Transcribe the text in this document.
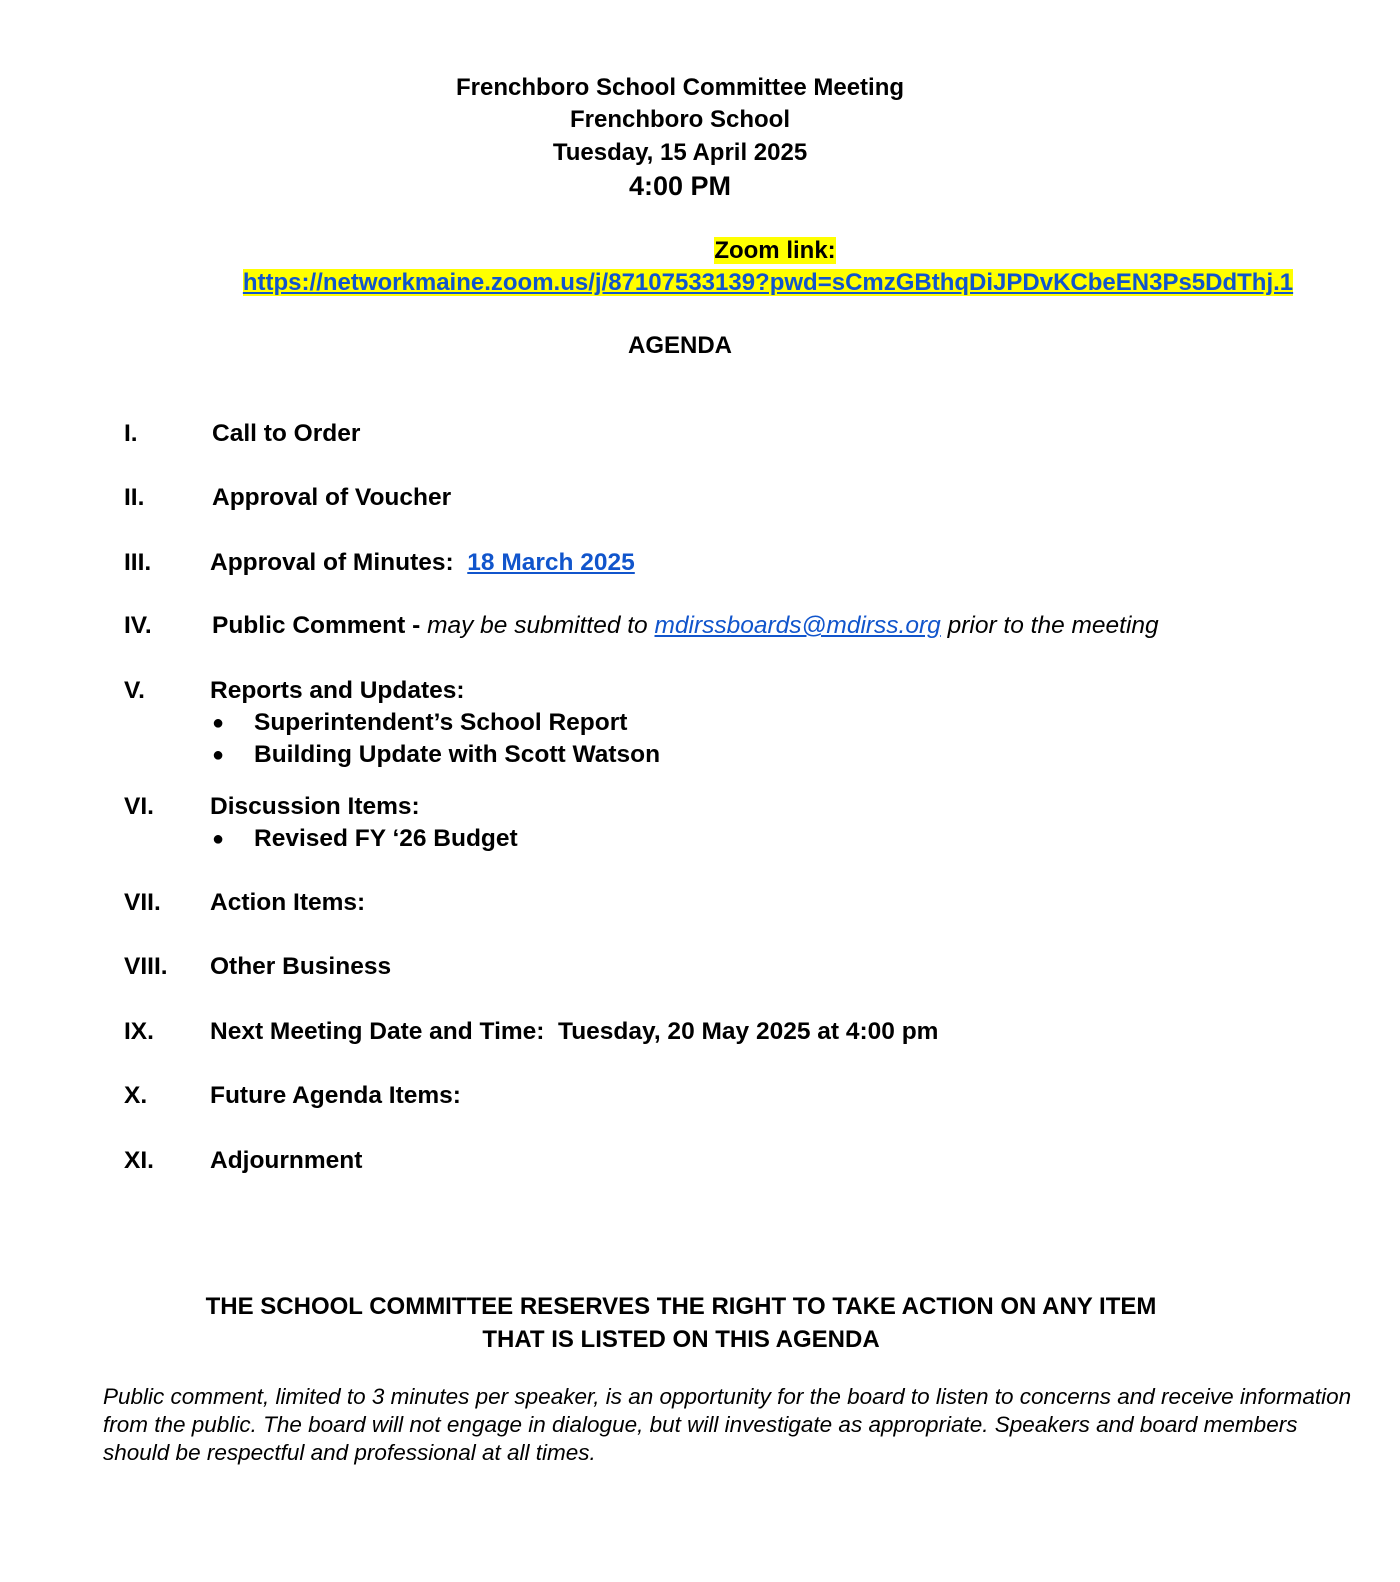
Frenchboro School Committee Meeting
Frenchboro School
Tuesday, 15 April 2025
4:00 PM
Zoom link:
https://networkmaine.zoom.us/j/87107533139?pwd=sCmzGBthqDiJPDvKCbeEN3Ps5DdThj.1
AGENDA
I.	Call to Order
II.	Approval of Voucher
III. Approval of Minutes: 18 March 2025
IV. Public Comment - may be submitted to mdirssboards@mdirss.org prior to the meeting
V.	Reports and Updates:
● Superintendent’s School Report
● Building Update with Scott Watson
VI. Discussion Items:
● Revised FY ‘26 Budget
VII. Action Items:
VIII. Other Business
IX. Next Meeting Date and Time:  Tuesday, 20 May 2025 at 4:00 pm
X.	Future Agenda Items:
XI. Adjournment
THE SCHOOL COMMITTEE RESERVES THE RIGHT TO TAKE ACTION ON ANY ITEM
THAT IS LISTED ON THIS AGENDA
Public comment, limited to 3 minutes per speaker, is an opportunity for the board to listen to concerns and receive information from the public. The board will not engage in dialogue, but will investigate as appropriate. Speakers and board members should be respectful and professional at all times.
